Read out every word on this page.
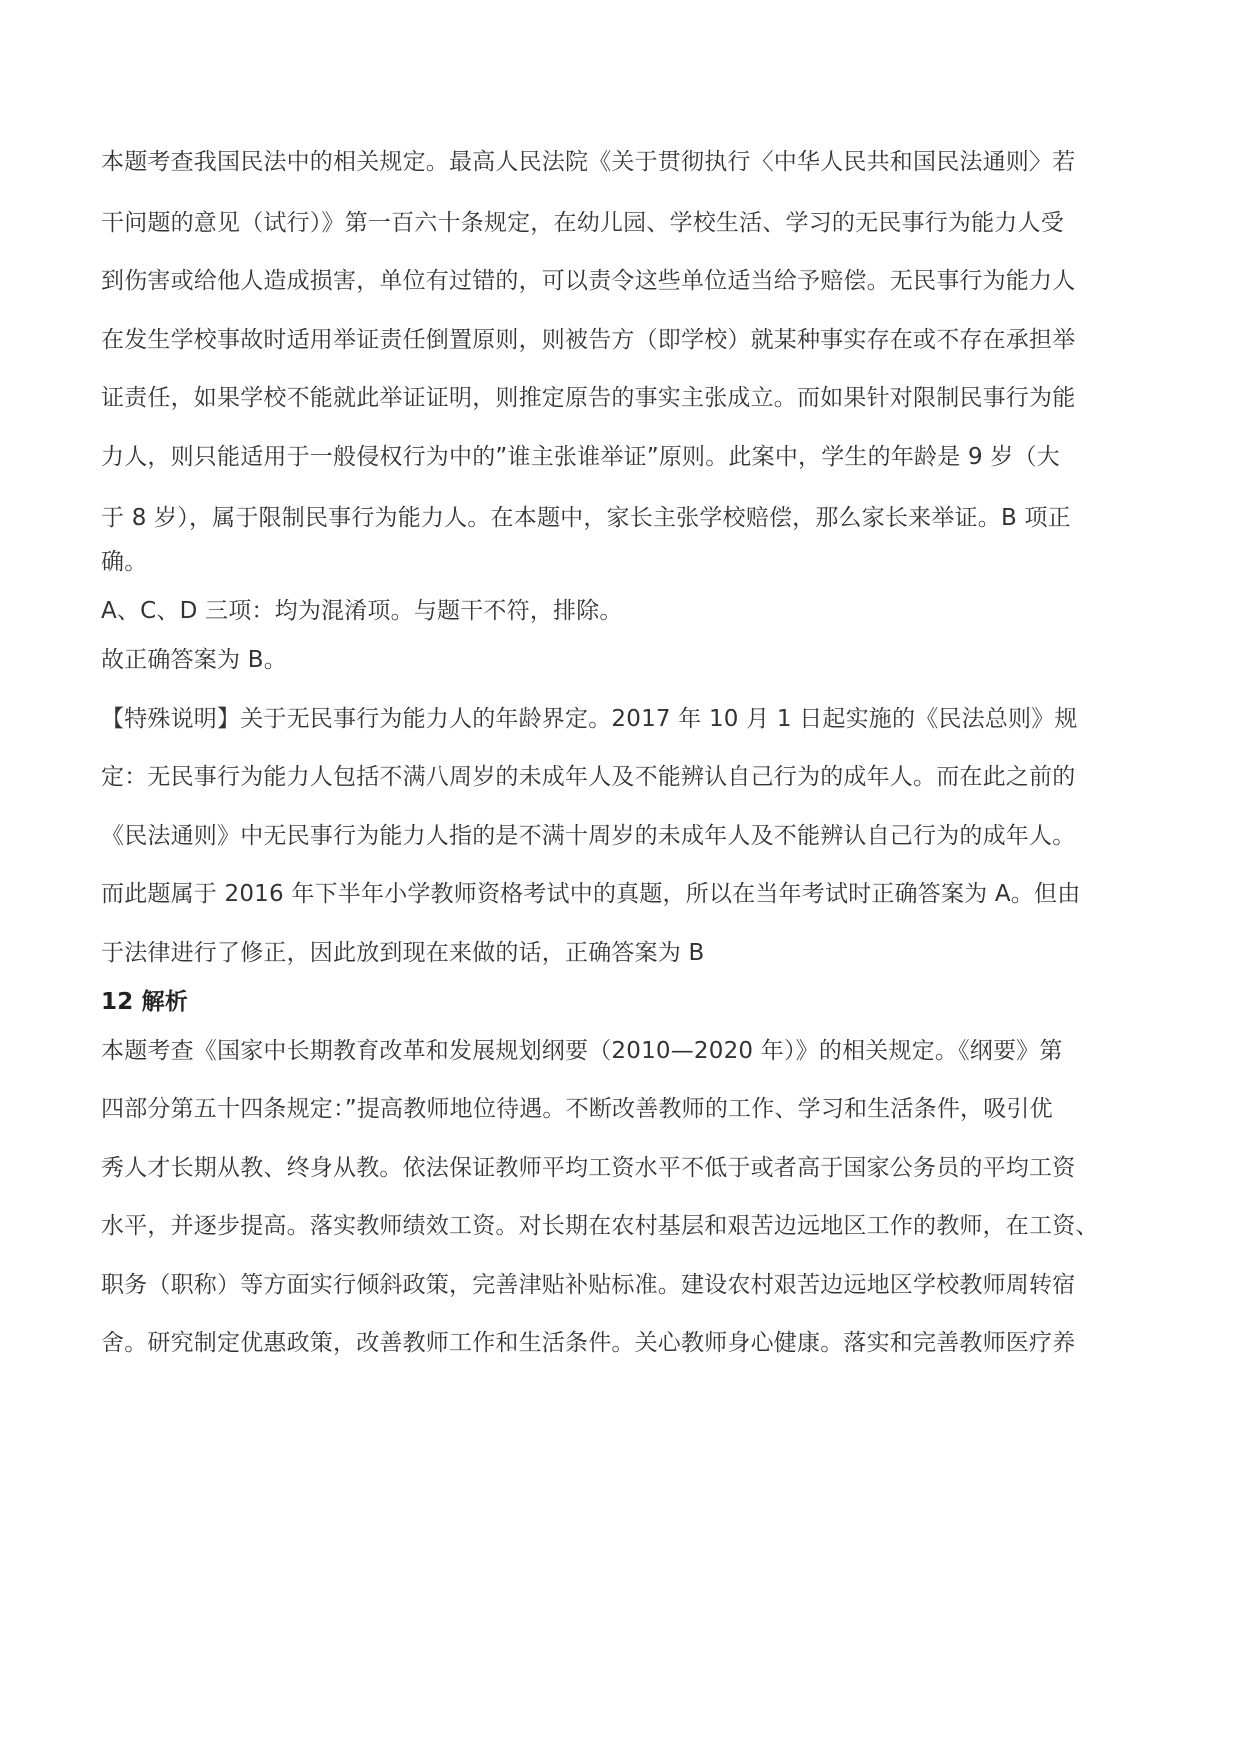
本题考查我国民法中的相关规定。最高人民法院《关于贯彻执行〈中华人民共和国民法通则〉若
干问题的意见（试行）》第一百六十条规定，在幼儿园、学校生活、学习的无民事行为能力人受
到伤害或给他人造成损害，单位有过错的，可以责令这些单位适当给予赔偿。无民事行为能力人
在发生学校事故时适用举证责任倒置原则，则被告方（即学校）就某种事实存在或不存在承担举
证责任，如果学校不能就此举证证明，则推定原告的事实主张成立。而如果针对限制民事行为能
力人，则只能适用于一般侵权行为中的”谁主张谁举证”原则。此案中，学生的年龄是 9 岁（大
于 8 岁），属于限制民事行为能力人。在本题中，家长主张学校赔偿，那么家长来举证。B 项正
确。
A、C、D 三项：均为混淆项。与题干不符，排除。
故正确答案为 B。
【特殊说明】关于无民事行为能力人的年龄界定。2017 年 10 月 1 日起实施的《民法总则》规
定：无民事行为能力人包括不满八周岁的未成年人及不能辨认自己行为的成年人。而在此之前的
《民法通则》中无民事行为能力人指的是不满十周岁的未成年人及不能辨认自己行为的成年人。
而此题属于 2016 年下半年小学教师资格考试中的真题，所以在当年考试时正确答案为 A。但由
于法律进行了修正，因此放到现在来做的话，正确答案为 B
12 解析
本题考查《国家中长期教育改革和发展规划纲要（2010—2020 年）》的相关规定。《纲要》第
四部分第五十四条规定：”提高教师地位待遇。不断改善教师的工作、学习和生活条件，吸引优
秀人才长期从教、终身从教。依法保证教师平均工资水平不低于或者高于国家公务员的平均工资
水平，并逐步提高。落实教师绩效工资。对长期在农村基层和艰苦边远地区工作的教师，在工资、
职务（职称）等方面实行倾斜政策，完善津贴补贴标准。建设农村艰苦边远地区学校教师周转宿
舍。研究制定优惠政策，改善教师工作和生活条件。关心教师身心健康。落实和完善教师医疗养
